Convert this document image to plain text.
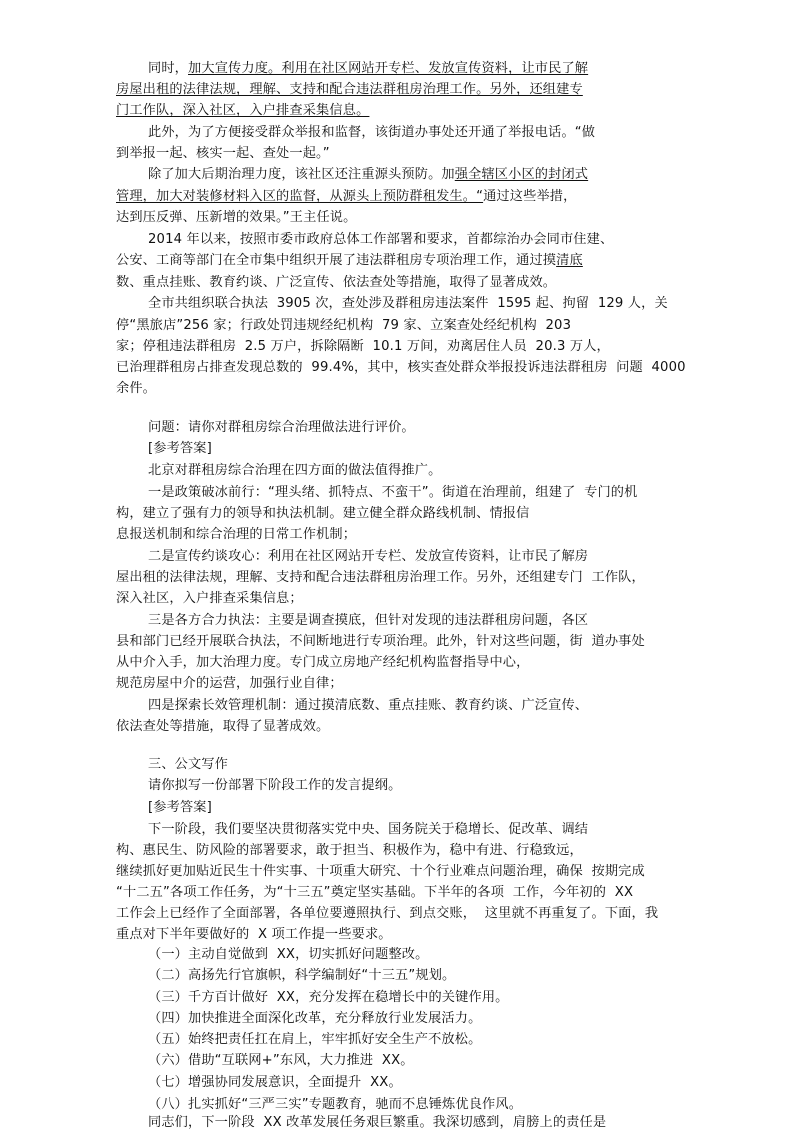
同时，加大宣传力度。利用在社区网站开专栏、发放宣传资料，让市民了解
房屋出租的法律法规，理解、支持和配合违法群租房治理工作。另外，还组建专
门工作队，深入社区，入户排查采集信息。
此外，为了方便接受群众举报和监督，该街道办事处还开通了举报电话。“做
到举报一起、核实一起、查处一起。”
除了加大后期治理力度，该社区还注重源头预防。加强全辖区小区的封闭式
管理，加大对装修材料入区的监督，从源头上预防群租发生。“通过这些举措，
达到压反弹、压新增的效果。”王主任说。
2014 年以来，按照市委市政府总体工作部署和要求，首都综治办会同市住建、
公安、工商等部门在全市集中组织开展了违法群租房专项治理工作，通过摸清底
数、重点挂账、教育约谈、广泛宣传、依法查处等措施，取得了显著成效。
全市共组织联合执法  3905 次，查处涉及群租房违法案件  1595 起、拘留  129 人，关
停“黑旅店”256 家；行政处罚违规经纪机构  79 家、立案查处经纪机构  203
家；停租违法群租房  2.5 万户，拆除隔断  10.1 万间，劝离居住人员  20.3 万人，
已治理群租房占排查发现总数的  99.4%，其中，核实查处群众举报投诉违法群租房  问题  4000
余件。
问题：请你对群租房综合治理做法进行评价。
[参考答案]
北京对群租房综合治理在四方面的做法值得推广。
一是政策破冰前行：“理头绪、抓特点、不蛮干”。街道在治理前，组建了  专门的机
构，建立了强有力的领导和执法机制。建立健全群众路线机制、情报信
息报送机制和综合治理的日常工作机制；
二是宣传约谈攻心：利用在社区网站开专栏、发放宣传资料，让市民了解房
屋出租的法律法规，理解、支持和配合违法群租房治理工作。另外，还组建专门  工作队，
深入社区，入户排查采集信息；
三是各方合力执法：主要是调查摸底，但针对发现的违法群租房问题，各区
县和部门已经开展联合执法，不间断地进行专项治理。此外，针对这些问题，街  道办事处
从中介入手，加大治理力度。专门成立房地产经纪机构监督指导中心，
规范房屋中介的运营，加强行业自律；
四是探索长效管理机制：通过摸清底数、重点挂账、教育约谈、广泛宣传、
依法查处等措施，取得了显著成效。
三、公文写作
请你拟写一份部署下阶段工作的发言提纲。
[参考答案]
下一阶段，我们要坚决贯彻落实党中央、国务院关于稳增长、促改革、调结
构、惠民生、防风险的部署要求，敢于担当、积极作为，稳中有进、行稳致远，
继续抓好更加贴近民生十件实事、十项重大研究、十个行业难点问题治理，确保  按期完成
“十二五”各项工作任务，为“十三五”奠定坚实基础。下半年的各项  工作，今年初的  XX
工作会上已经作了全面部署，各单位要遵照执行、到点交账，  这里就不再重复了。下面，我
重点对下半年要做好的  X 项工作提一些要求。
（一）主动自觉做到  XX，切实抓好问题整改。
（二）高扬先行官旗帜，科学编制好“十三五”规划。
（三）千方百计做好  XX，充分发挥在稳增长中的关键作用。
（四）加快推进全面深化改革，充分释放行业发展活力。
（五）始终把责任扛在肩上，牢牢抓好安全生产不放松。
（六）借助“互联网+”东风，大力推进  XX。
（七）增强协同发展意识，全面提升  XX。
（八）扎实抓好“三严三实”专题教育，驰而不息锤炼优良作风。
同志们，下一阶段  XX 改革发展任务艰巨繁重。我深切感到，肩膀上的责任是
